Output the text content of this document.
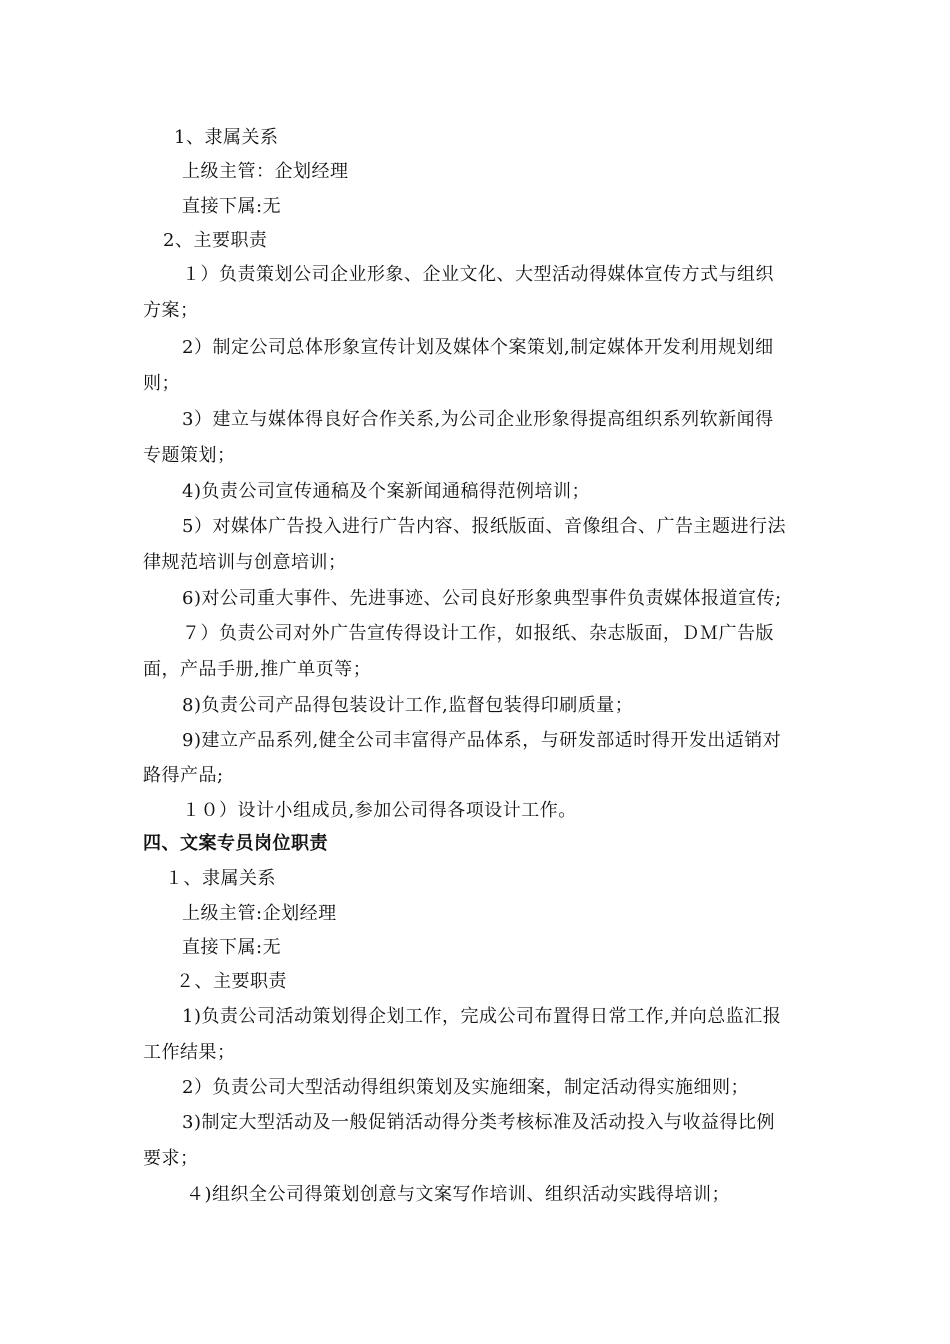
1、隶属关系
上级主管：企划经理
直接下属:无
2、主要职责
１）负责策划公司企业形象、企业文化、大型活动得媒体宣传方式与组织
方案；
2）制定公司总体形象宣传计划及媒体个案策划,制定媒体开发利用规划细
则；
3）建立与媒体得良好合作关系,为公司企业形象得提高组织系列软新闻得
专题策划；
4)负责公司宣传通稿及个案新闻通稿得范例培训；
5）对媒体广告投入进行广告内容、报纸版面、音像组合、广告主题进行法
律规范培训与创意培训；
6)对公司重大事件、先进事迹、公司良好形象典型事件负责媒体报道宣传;
７）负责公司对外广告宣传得设计工作，如报纸、杂志版面，ＤＭ广告版
面，产品手册,推广单页等；
8)负责公司产品得包装设计工作,监督包装得印刷质量；
9)建立产品系列,健全公司丰富得产品体系，与研发部适时得开发出适销对
路得产品;
１０）设计小组成员,参加公司得各项设计工作。
四、文案专员岗位职责
１、隶属关系
上级主管:企划经理
直接下属:无
２、主要职责
1)负责公司活动策划得企划工作，完成公司布置得日常工作,并向总监汇报
工作结果；
2）负责公司大型活动得组织策划及实施细案，制定活动得实施细则；
3)制定大型活动及一般促销活动得分类考核标准及活动投入与收益得比例
要求；
４)组织全公司得策划创意与文案写作培训、组织活动实践得培训；
